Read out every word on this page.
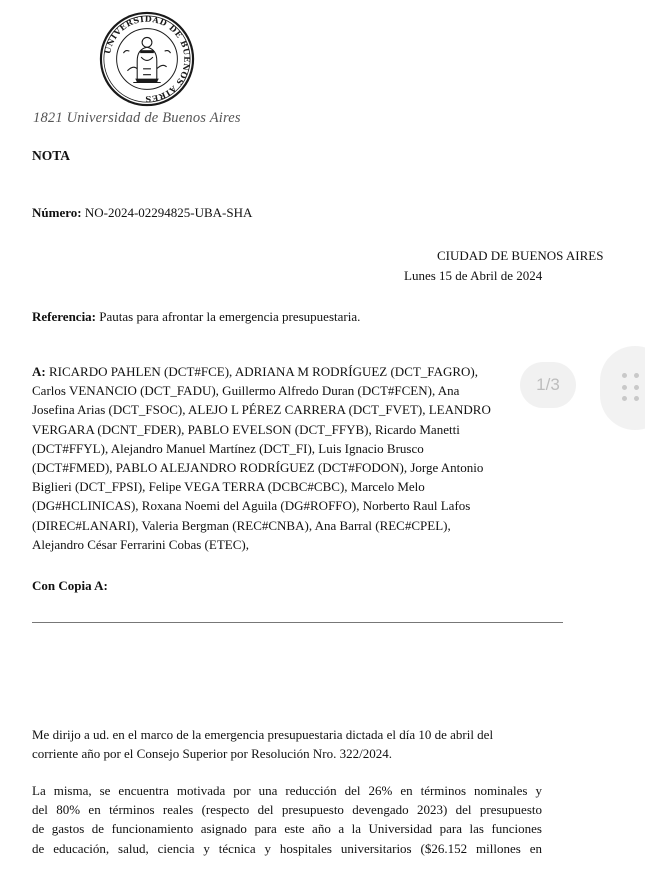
UNIVERSIDAD DE BUENOS AIRES
1821 Universidad de Buenos Aires
NOTA
Número: NO-2024-02294825-UBA-SHA
CIUDAD DE BUENOS AIRES
Lunes 15 de Abril de 2024
Referencia: Pautas para afrontar la emergencia presupuestaria.
A: RICARDO PAHLEN (DCT#FCE), ADRIANA M RODRÍGUEZ (DCT_FAGRO),
Carlos VENANCIO (DCT_FADU), Guillermo Alfredo Duran (DCT#FCEN), Ana
Josefina Arias (DCT_FSOC), ALEJO L PÉREZ CARRERA (DCT_FVET), LEANDRO
VERGARA (DCNT_FDER), PABLO EVELSON (DCT_FFYB), Ricardo Manetti
(DCT#FFYL), Alejandro Manuel Martínez (DCT_FI), Luis Ignacio Brusco
(DCT#FMED), PABLO ALEJANDRO RODRÍGUEZ (DCT#FODON), Jorge Antonio
Biglieri (DCT_FPSI), Felipe VEGA TERRA (DCBC#CBC), Marcelo Melo
(DG#HCLINICAS), Roxana Noemi del Aguila (DG#ROFFO), Norberto Raul Lafos
(DIREC#LANARI), Valeria Bergman (REC#CNBA), Ana Barral (REC#CPEL),
Alejandro César Ferrarini Cobas (ETEC),
Con Copia A:
Me dirijo a ud. en el marco de la emergencia presupuestaria dictada el día 10 de abril del
corriente año por el Consejo Superior por Resolución Nro. 322/2024.
La misma, se encuentra motivada por una reducción del 26% en términos nominales y
del 80% en términos reales (respecto del presupuesto devengado 2023) del presupuesto
de gastos de funcionamiento asignado para este año a la Universidad para las funciones
de educación, salud, ciencia y técnica y hospitales universitarios ($26.152 millones en
1/3
